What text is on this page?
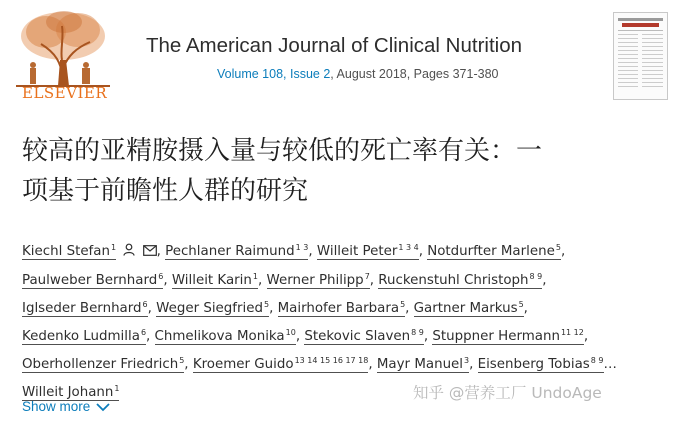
ELSEVIER
The American Journal of Clinical Nutrition
Volume 108, Issue 2, August 2018, Pages 371-380
较高的亚精胺摄入量与较低的死亡率有关：一
项基于前瞻性人群的研究
Kiechl Stefan$^1$	, Pechlaner Raimund$^{1 3}$, Willeit Peter$^{1 3 4}$, Notdurfter Marlene$^5$,
Paulweber Bernhard$^6$, Willeit Karin$^1$, Werner Philipp$^7$, Ruckenstuhl Christoph$^{8 9}$,
Iglseder Bernhard$^6$, Weger Siegfried$^5$, Mairhofer Barbara$^5$, Gartner Markus$^5$,
Kedenko Ludmilla$^6$, Chmelikova Monika$^{10}$, Stekovic Slaven$^{8 9}$, Stuppner Hermann$^{11 12}$,
Oberhollenzer Friedrich$^5$, Kroemer Guido$^{13 14 15 16 17 18}$, Mayr Manuel$^3$, Eisenberg Tobias$^{8 9}$…
Willeit Johann$^1$
Show more
知乎 @营养工厂 UndoAge
